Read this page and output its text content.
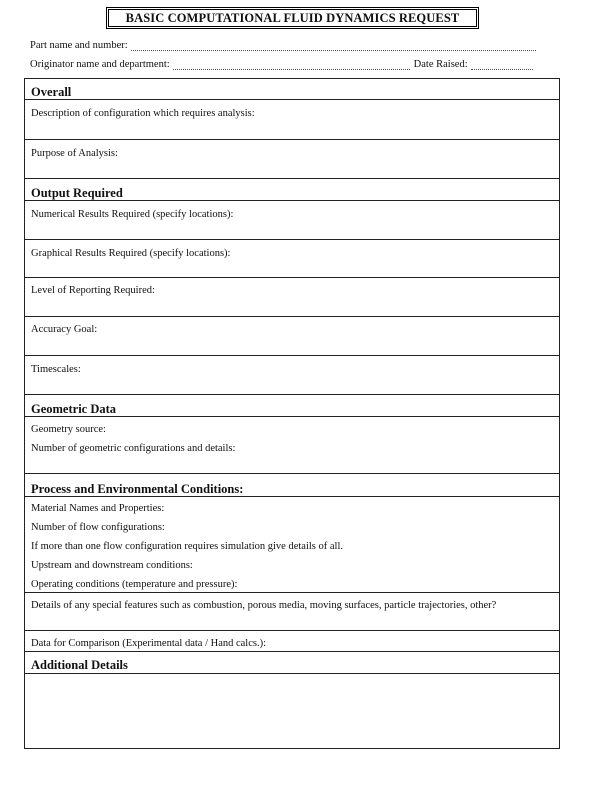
BASIC COMPUTATIONAL FLUID DYNAMICS REQUEST
Part name and number:
Originator name and department:	Date Raised:
Overall
Description of configuration which requires analysis:
Purpose of Analysis:
Output Required
Numerical Results Required (specify locations):
Graphical Results Required (specify locations):
Level of Reporting Required:
Accuracy Goal:
Timescales:
Geometric Data
Geometry source:
Number of geometric configurations and details:
Process and Environmental Conditions:
Material Names and Properties:
Number of flow configurations:
If more than one flow configuration requires simulation give details of all.
Upstream and downstream conditions:
Operating conditions (temperature and pressure):
Details of any special features such as combustion, porous media, moving surfaces, particle trajectories, other?
Data for Comparison (Experimental data / Hand calcs.):
Additional Details
